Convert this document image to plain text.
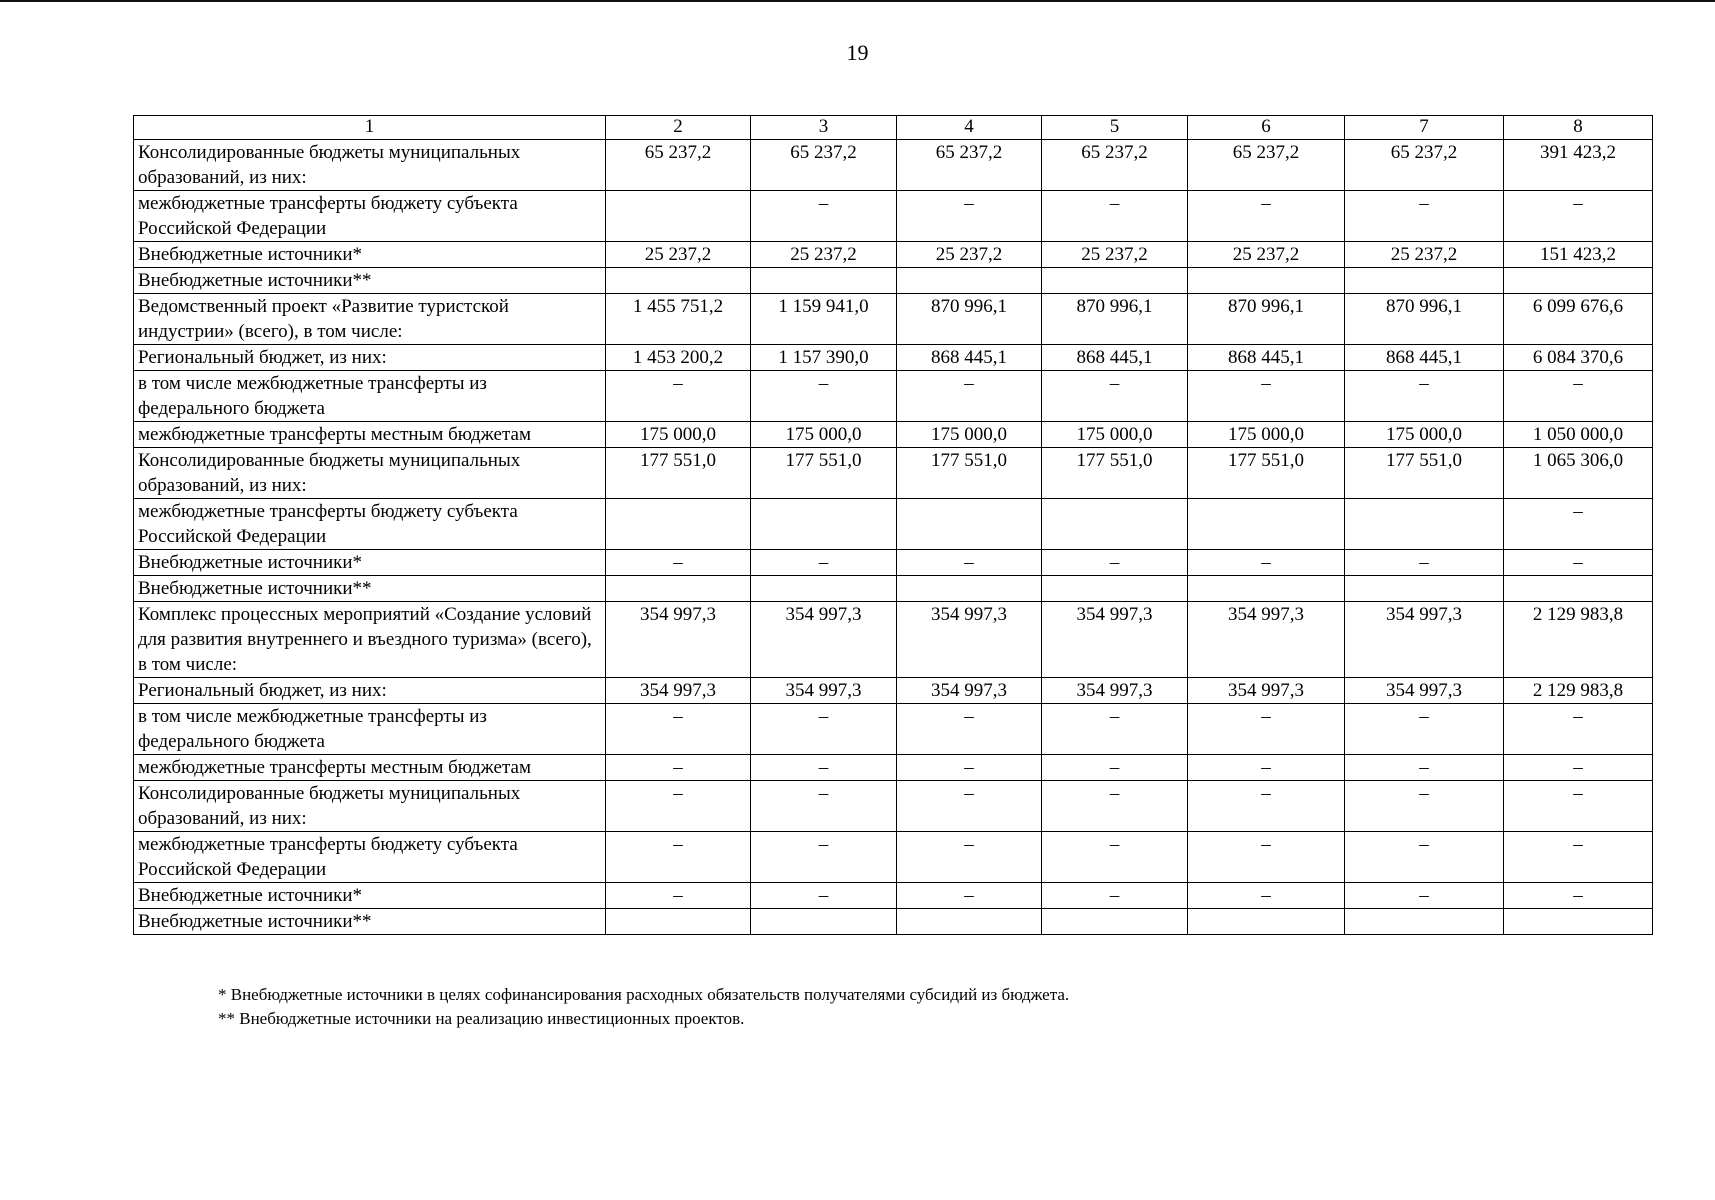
19
1	2	3	4	5	6	7	8
Консолидированные бюджеты муниципальных образований, из них:	65 237,2	65 237,2	65 237,2	65 237,2	65 237,2	65 237,2	391 423,2
межбюджетные трансферты бюджету субъекта Российской Федерации		–	–	–	–	–	–
Внебюджетные источники*	25 237,2	25 237,2	25 237,2	25 237,2	25 237,2	25 237,2	151 423,2
Внебюджетные источники**							
Ведомственный проект «Развитие туристской индустрии» (всего), в том числе:	1 455 751,2	1 159 941,0	870 996,1	870 996,1	870 996,1	870 996,1	6 099 676,6
Региональный бюджет, из них:	1 453 200,2	1 157 390,0	868 445,1	868 445,1	868 445,1	868 445,1	6 084 370,6
в том числе межбюджетные трансферты из федерального бюджета	–	–	–	–	–	–	–
межбюджетные трансферты местным бюджетам	175 000,0	175 000,0	175 000,0	175 000,0	175 000,0	175 000,0	1 050 000,0
Консолидированные бюджеты муниципальных образований, из них:	177 551,0	177 551,0	177 551,0	177 551,0	177 551,0	177 551,0	1 065 306,0
межбюджетные трансферты бюджету субъекта Российской Федерации							–
Внебюджетные источники*	–	–	–	–	–	–	–
Внебюджетные источники**							
Комплекс процессных мероприятий «Создание условий для развития внутреннего и въездного туризма» (всего), в том числе:	354 997,3	354 997,3	354 997,3	354 997,3	354 997,3	354 997,3	2 129 983,8
Региональный бюджет, из них:	354 997,3	354 997,3	354 997,3	354 997,3	354 997,3	354 997,3	2 129 983,8
в том числе межбюджетные трансферты из федерального бюджета	–	–	–	–	–	–	–
межбюджетные трансферты местным бюджетам	–	–	–	–	–	–	–
Консолидированные бюджеты муниципальных образований, из них:	–	–	–	–	–	–	–
межбюджетные трансферты бюджету субъекта Российской Федерации	–	–	–	–	–	–	–
Внебюджетные источники*	–	–	–	–	–	–	–
Внебюджетные источники**							
* Внебюджетные источники в целях софинансирования расходных обязательств получателями субсидий из бюджета.
** Внебюджетные источники на реализацию инвестиционных проектов.
